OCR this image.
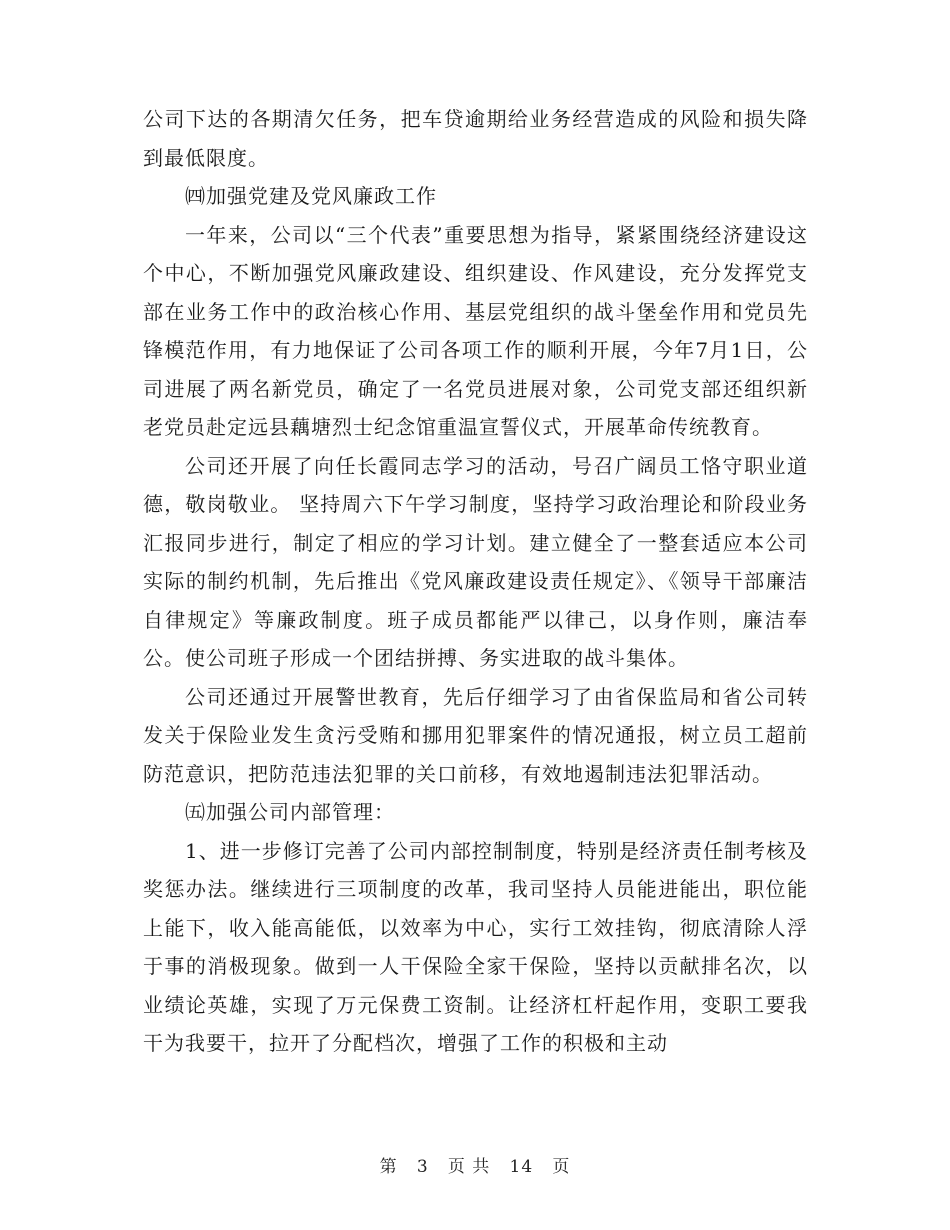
公司下达的各期清欠任务，把车贷逾期给业务经营造成的风险和损失降到最低限度。

㈣加强党建及党风廉政工作

一年来，公司以“三个代表”重要思想为指导，紧紧围绕经济建设这个中心，不断加强党风廉政建设、组织建设、作风建设，充分发挥党支部在业务工作中的政治核心作用、基层党组织的战斗堡垒作用和党员先锋模范作用，有力地保证了公司各项工作的顺利开展，今年7月1日，公司进展了两名新党员，确定了一名党员进展对象，公司党支部还组织新老党员赴定远县藕塘烈士纪念馆重温宣誓仪式，开展革命传统教育。

公司还开展了向任长霞同志学习的活动，号召广阔员工恪守职业道德，敬岗敬业。 坚持周六下午学习制度，坚持学习政治理论和阶段业务汇报同步进行，制定了相应的学习计划。建立健全了一整套适应本公司实际的制约机制，先后推出《党风廉政建设责任规定》、《领导干部廉洁自律规定》等廉政制度。班子成员都能严以律己，以身作则，廉洁奉公。使公司班子形成一个团结拼搏、务实进取的战斗集体。

公司还通过开展警世教育，先后仔细学习了由省保监局和省公司转发关于保险业发生贪污受贿和挪用犯罪案件的情况通报，树立员工超前防范意识，把防范违法犯罪的关口前移，有效地遏制违法犯罪活动。

㈤加强公司内部管理：

1、进一步修订完善了公司内部控制制度，特别是经济责任制考核及奖惩办法。继续进行三项制度的改革，我司坚持人员能进能出，职位能上能下，收入能高能低，以效率为中心，实行工效挂钩，彻底清除人浮于事的消极现象。做到一人干保险全家干保险，坚持以贡献排名次，以业绩论英雄，实现了万元保费工资制。让经济杠杆起作用，变职工要我干为我要干，拉开了分配档次，增强了工作的积极和主动

第 3 页 共 14 页
